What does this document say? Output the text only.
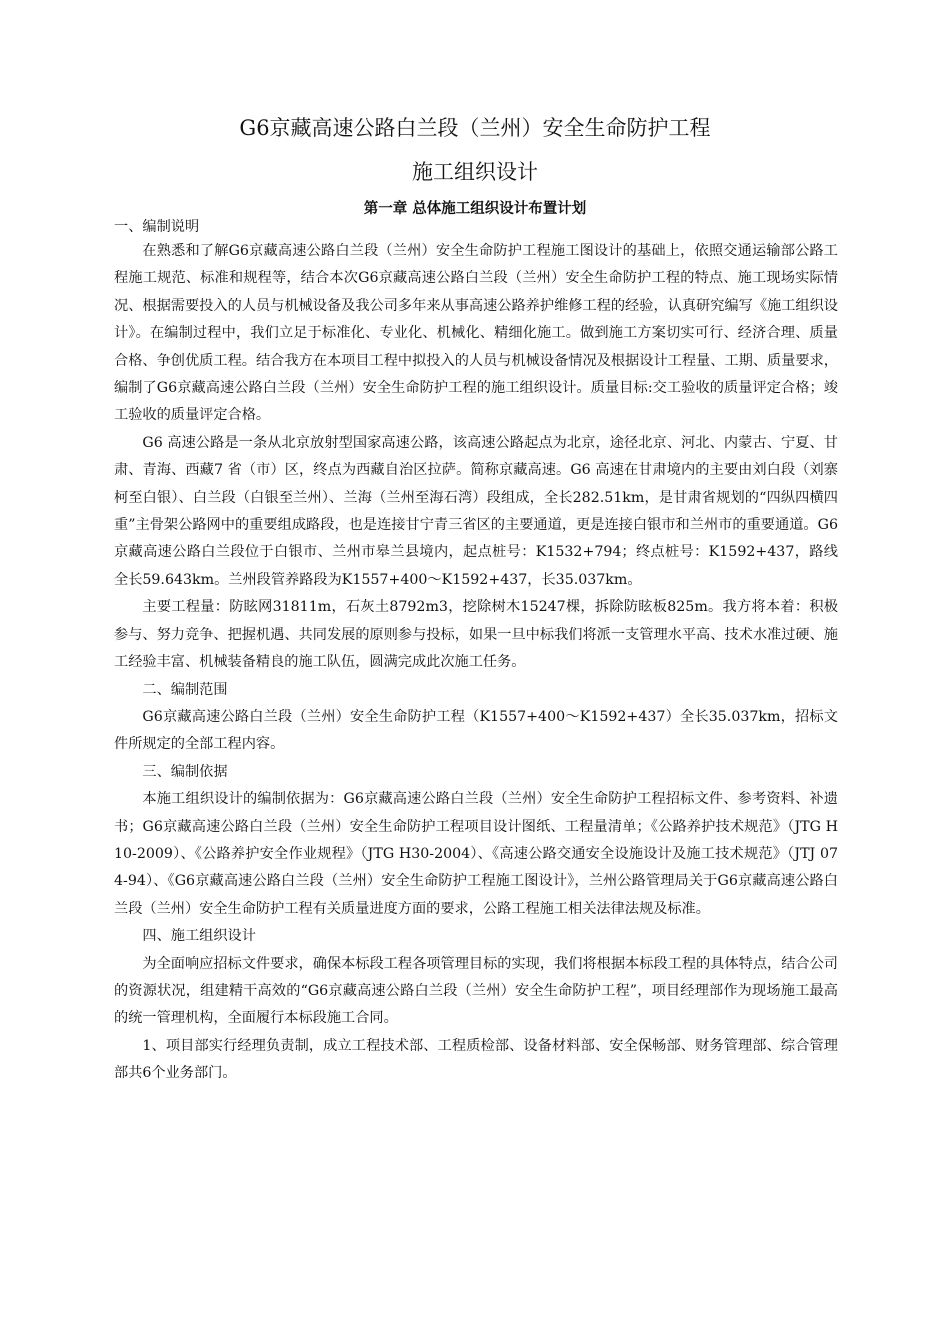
G6京藏高速公路白兰段（兰州）安全生命防护工程
施工组织设计
第一章 总体施工组织设计布置计划

一、编制说明

在熟悉和了解G6京藏高速公路白兰段（兰州）安全生命防护工程施工图设计的基础上，依照交通运输部公路工程施工规范、标准和规程等，结合本次G6京藏高速公路白兰段（兰州）安全生命防护工程的特点、施工现场实际情况、根据需要投入的人员与机械设备及我公司多年来从事高速公路养护维修工程的经验，认真研究编写《施工组织设计》。在编制过程中，我们立足于标准化、专业化、机械化、精细化施工。做到施工方案切实可行、经济合理、质量合格、争创优质工程。结合我方在本项目工程中拟投入的人员与机械设备情况及根据设计工程量、工期、质量要求，编制了G6京藏高速公路白兰段（兰州）安全生命防护工程的施工组织设计。质量目标:交工验收的质量评定合格；竣工验收的质量评定合格。

G6 高速公路是一条从北京放射型国家高速公路，该高速公路起点为北京，途径北京、河北、内蒙古、宁夏、甘肃、青海、西藏7 省（市）区，终点为西藏自治区拉萨。简称京藏高速。G6 高速在甘肃境内的主要由刘白段（刘寨柯至白银）、白兰段（白银至兰州）、兰海（兰州至海石湾）段组成，全长282.51km，是甘肃省规划的“四纵四横四重”主骨架公路网中的重要组成路段，也是连接甘宁青三省区的主要通道，更是连接白银市和兰州市的重要通道。G6 京藏高速公路白兰段位于白银市、兰州市皋兰县境内，起点桩号：K1532+794；终点桩号：K1592+437，路线全长59.643km。兰州段管养路段为K1557+400～K1592+437，长35.037km。

主要工程量：防眩网31811m，石灰土8792m3，挖除树木15247棵，拆除防眩板825m。我方将本着：积极参与、努力竞争、把握机遇、共同发展的原则参与投标，如果一旦中标我们将派一支管理水平高、技术水准过硬、施工经验丰富、机械装备精良的施工队伍，圆满完成此次施工任务。

二、编制范围

G6京藏高速公路白兰段（兰州）安全生命防护工程（K1557+400～K1592+437）全长35.037km，招标文件所规定的全部工程内容。

三、编制依据

本施工组织设计的编制依据为：G6京藏高速公路白兰段（兰州）安全生命防护工程招标文件、参考资料、补遗书；G6京藏高速公路白兰段（兰州）安全生命防护工程项目设计图纸、工程量清单；《公路养护技术规范》（JTG H10-2009）、《公路养护安全作业规程》（JTG H30-2004）、《高速公路交通安全设施设计及施工技术规范》（JTJ 074-94）、《G6京藏高速公路白兰段（兰州）安全生命防护工程施工图设计》，兰州公路管理局关于G6京藏高速公路白兰段（兰州）安全生命防护工程有关质量进度方面的要求，公路工程施工相关法律法规及标准。

四、施工组织设计

为全面响应招标文件要求，确保本标段工程各项管理目标的实现，我们将根据本标段工程的具体特点，结合公司的资源状况，组建精干高效的“G6京藏高速公路白兰段（兰州）安全生命防护工程”，项目经理部作为现场施工最高的统一管理机构，全面履行本标段施工合同。

1、项目部实行经理负责制，成立工程技术部、工程质检部、设备材料部、安全保畅部、财务管理部、综合管理部共6个业务部门。
